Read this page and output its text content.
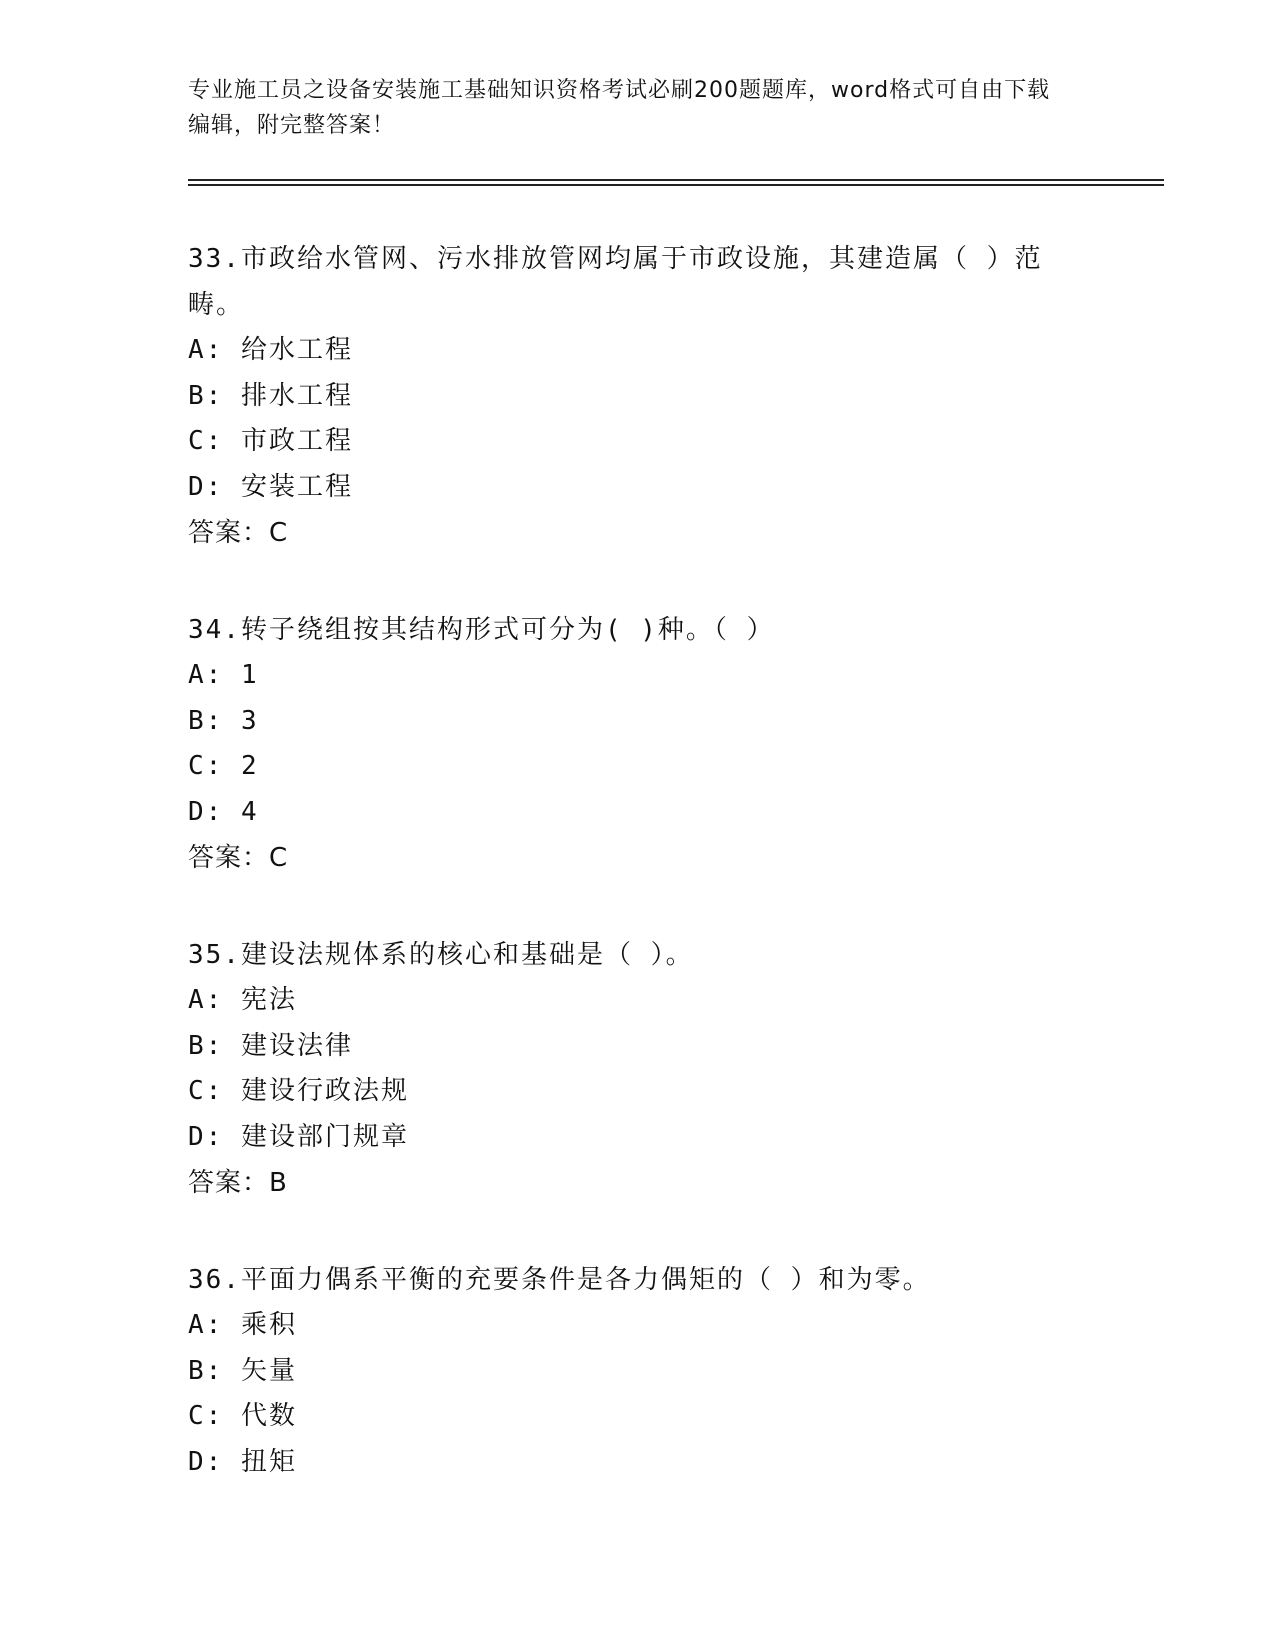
专业施工员之设备安装施工基础知识资格考试必刷200题题库，word格式可自由下载编辑，附完整答案！

33.市政给水管网、污水排放管网均属于市政设施，其建造属（ ）范畴。

A: 给水工程

B: 排水工程

C: 市政工程

D: 安装工程

答案：C

34.转子绕组按其结构形式可分为( )种。（ ）

A: 1

B: 3

C: 2

D: 4

答案：C

35.建设法规体系的核心和基础是（ ）。

A: 宪法

B: 建设法律

C: 建设行政法规

D: 建设部门规章

答案：B

36.平面力偶系平衡的充要条件是各力偶矩的（ ）和为零。

A: 乘积

B: 矢量

C: 代数

D: 扭矩
